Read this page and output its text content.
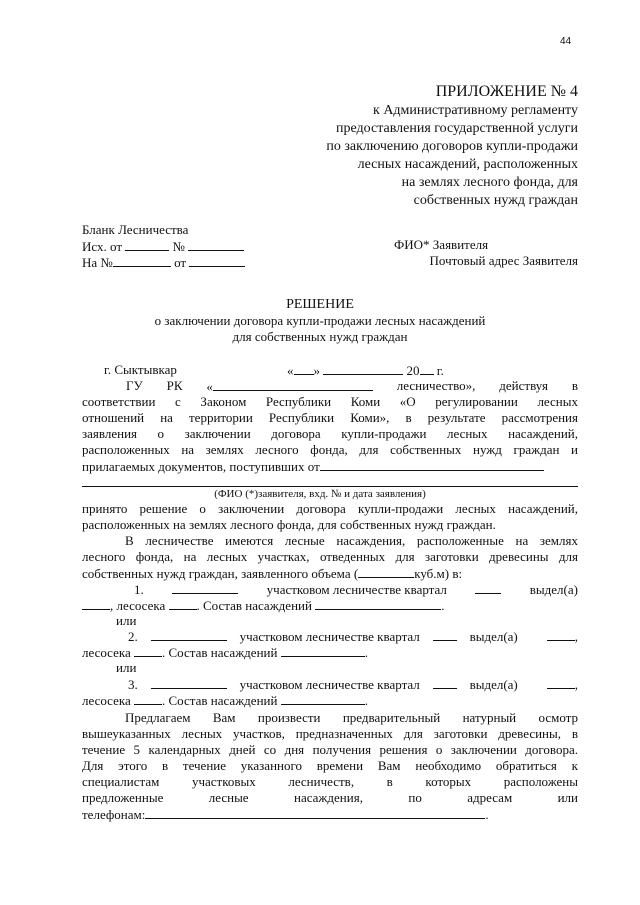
44
ПРИЛОЖЕНИЕ № 4
к Административному регламенту
предоставления государственной услуги
по заключению договоров купли-продажи
лесных насаждений, расположенных
на землях лесного фонда, для
собственных нужд граждан
Бланк Лесничества
Исх. от	№
На №	от
ФИО* Заявителя
Почтовый адрес Заявителя
РЕШЕНИЕ
о заключении договора купли-продажи лесных насаждений
для собственных нужд граждан
г. Сыктывкар	« »	20 г.
ГУ РК «	лесничество», действуя в
соответствии с Законом Республики Коми «О регулировании лесных
отношений на территории Республики Коми», в результате рассмотрения
заявления о заключении договора купли-продажи лесных насаждений,
расположенных на землях лесного фонда, для собственных нужд граждан и
прилагаемых документов, поступивших от
(ФИО (*)заявителя, вхд. № и дата заявления)
принято решение о заключении договора купли-продажи лесных насаждений,
расположенных на землях лесного фонда, для собственных нужд граждан.
В лесничестве имеются лесные насаждения, расположенные на землях
лесного фонда, на лесных участках, отведенных для заготовки древесины для
собственных нужд граждан, заявленного объема (	куб.м) в:
1.	участковом лесничестве квартал	выдел(а)
, лесосека . Состав насаждений	.
или
2.	участковом лесничестве квартал	выдел(а)	,
лесосека . Состав насаждений	.
или
3.	участковом лесничестве квартал	выдел(а)	,
лесосека . Состав насаждений	.
Предлагаем Вам произвести предварительный натурный осмотр
вышеуказанных лесных участков, предназначенных для заготовки древесины, в
течение 5 календарных дней со дня получения решения о заключении договора.
Для этого в течение указанного времени Вам необходимо обратиться к
специалистам участковых лесничеств, в которых расположены
предложенные лесные насаждения, по адресам или
телефонам:	.
